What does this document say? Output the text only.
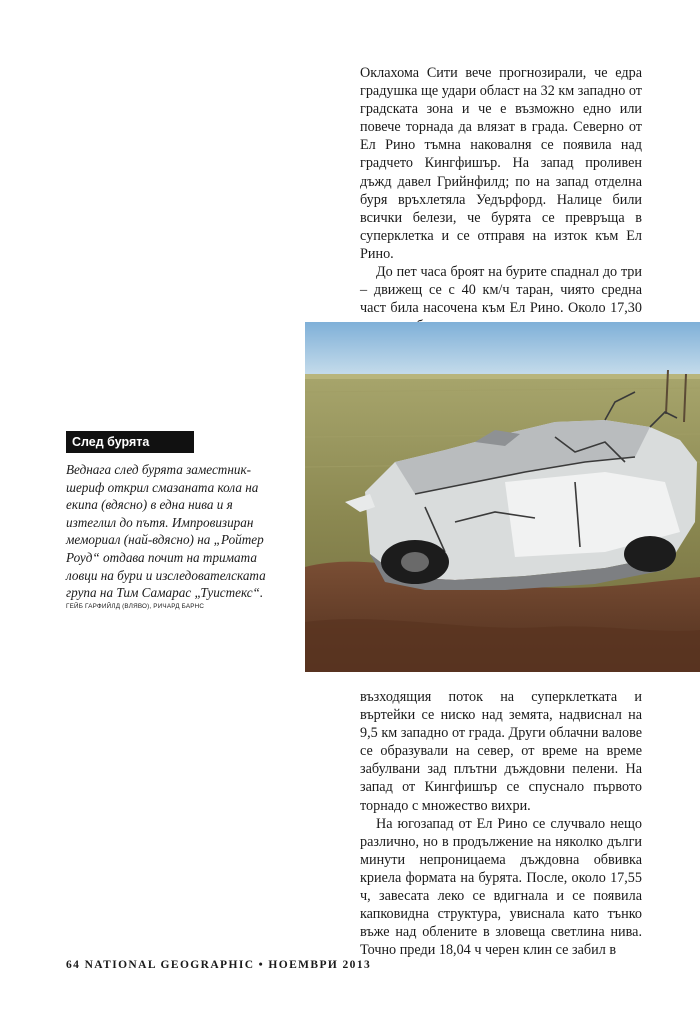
Оклахома Сити вече прогнозирали, че едра градушка ще удари област на 32 км западно от градската зона и че е възможно едно или повече торнада да влязат в града. Северно от Ел Рино тъмна наковалня се появила над градчето Кингфишър. На запад проливен дъжд давел Грийнфилд; по на запад отделна буря връхлетяла Уедърфорд. Налице били всички белези, че бурята се превръща в суперклетка и се отправя на изток към Ел Рино.

До пет часа броят на бурите спаднал до три – движещ се с 40 км/ч таран, чиято средна част била насочена към Ел Рино. Около 17,30

След бурята

Веднага след бурята заместник-шериф открил смазаната кола на екипа (вдясно) в една нива и я изтеглил до пътя. Импровизиран мемориал (най-вдясно) на „Ройтер Роуд“ отдава почит на тримата ловци на бури и изследователската група на Тим Самарас „Туистекс“.

ГЕЙБ ГАРФИЙЛД (ВЛЯВО), РИЧАРД БАРНС

възходящия поток на суперклетката и въртейки се ниско над земята, надвиснал на 9,5 км западно от града. Други облачни валове се образували на север, от време на време забулвани зад плътни дъждовни пелени. На запад от Кингфишър се спуснало първото торнадо с множество вихри.

На югозапад от Ел Рино се случвало нещо различно, но в продължение на няколко дълги минути непроницаема дъждовна обвивка криела формата на бурята. После, около 17,55 ч, завесата леко се вдигнала и се появила капковидна структура, увиснала като тънко въже над облените в зловеща светлина нива. Точно преди 18,04 ч черен клин се забил в

64 NATIONAL GEOGRAPHIC • НОЕМВРИ 2013
